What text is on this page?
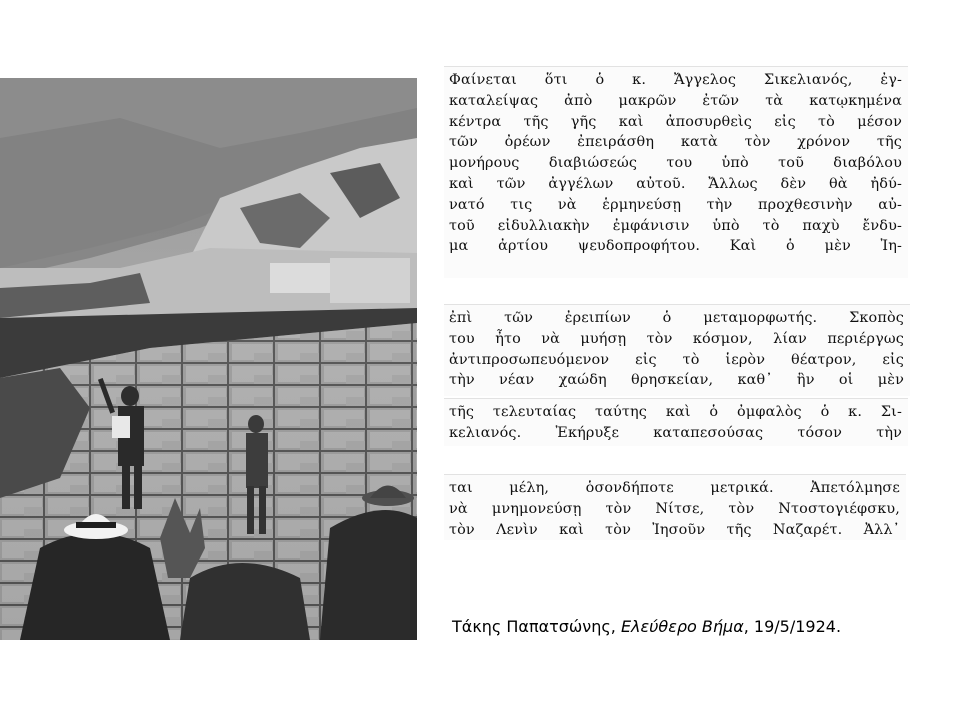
Φαίνεται ὅτι ὁ κ. Ἄγγελος Σικελιανός, ἐγ-
καταλείψας ἀπὸ μακρῶν ἐτῶν τὰ κατῳκημένα
κέντρα τῆς γῆς καὶ ἀποσυρθεὶς εἰς τὸ μέσον
τῶν ὀρέων ἐπειράσθη κατὰ τὸν χρόνον τῆς
μονήρους διαβιώσεώς του ὑπὸ τοῦ διαβόλου
καὶ τῶν ἀγγέλων αὐτοῦ. Ἄλλως δὲν θὰ ἠδύ-
νατό τις νὰ ἑρμηνεύσῃ τὴν προχθεσινὴν αὐ-
τοῦ εἰδυλλιακὴν ἐμφάνισιν ὑπὸ τὸ παχὺ ἔνδυ-
μα ἀρτίου ψευδοπροφήτου. Καὶ ὁ μὲν Ἰη-
ἐπὶ τῶν ἐρειπίων ὁ μεταμορφωτής. Σκοπὸς
του ἦτο νὰ μυήσῃ τὸν κόσμον, λίαν περιέργως
ἀντιπροσωπευόμενον εἰς τὸ ἱερὸν θέατρον, εἰς
τὴν νέαν χαώδη θρησκείαν, καθ᾽ ἣν οἱ μὲν
τῆς τελευταίας ταύτης καὶ ὁ ὀμφαλὸς ὁ κ. Σι-
κελιανός. Ἐκήρυξε καταπεσούσας τόσον τὴν
ται μέλη, ὁσονδήποτε μετρικά. Ἀπετόλμησε
νὰ μνημονεύσῃ τὸν Νίτσε, τὸν Ντοστογιέφσκυ,
τὸν Λενὶν καὶ τὸν Ἰησοῦν τῆς Ναζαρέτ. Ἀλλ᾽
Τάκης Παπατσώνης, Ελεύθερο Βήμα, 19/5/1924.
